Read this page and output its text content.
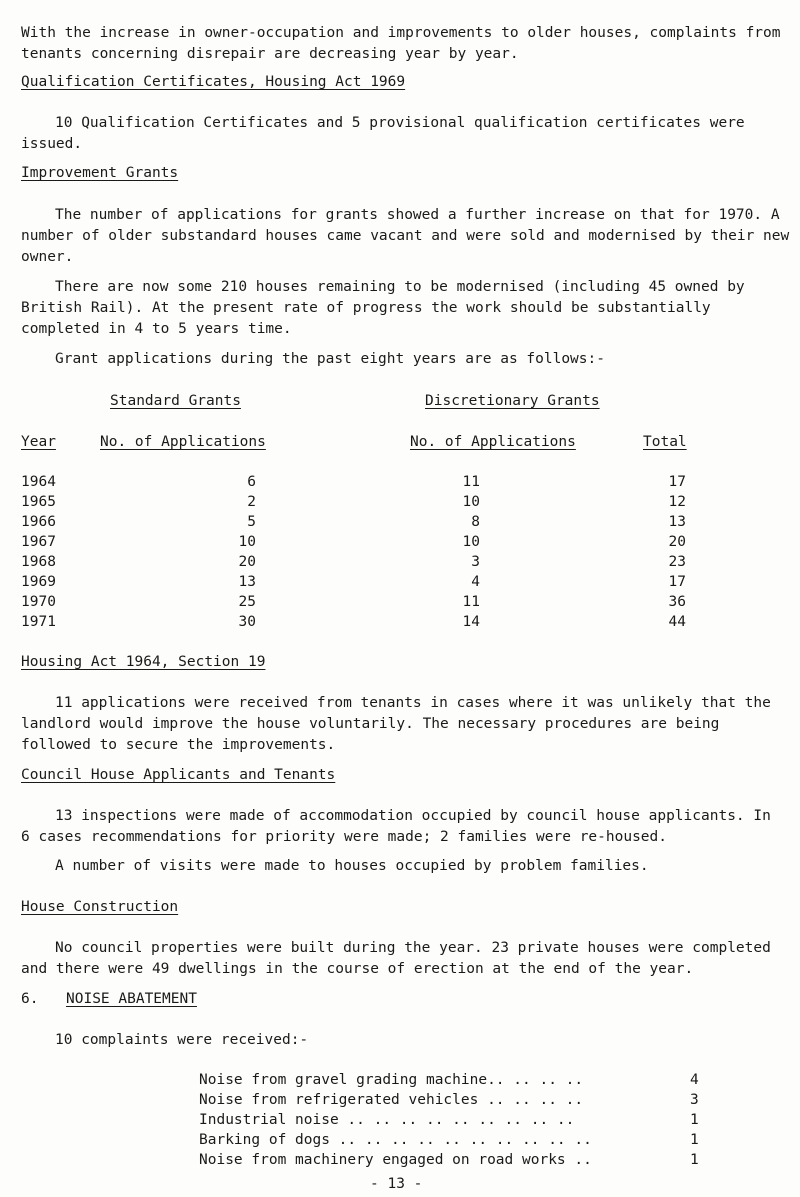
With the increase in owner-occupation and improvements to older houses, complaints from tenants concerning disrepair are decreasing year by year.
Qualification Certificates, Housing Act 1969
10 Qualification Certificates and 5 provisional qualification certificates were issued.
Improvement Grants
The number of applications for grants showed a further increase on that for 1970. A number of older substandard houses came vacant and were sold and modernised by their new owner.
There are now some 210 houses remaining to be modernised (including 45 owned by British Rail). At the present rate of progress the work should be substantially completed in 4 to 5 years time.
Grant applications during the past eight years are as follows:-
Standard Grants	Discretionary Grants
Year	No. of Applications	No. of Applications	Total
1964	6	11	17
1965	2	10	12
1966	5	8	13
1967	10	10	20
1968	20	3	23
1969	13	4	17
1970	25	11	36
1971	30	14	44
Housing Act 1964, Section 19
11 applications were received from tenants in cases where it was unlikely that the landlord would improve the house voluntarily. The necessary procedures are being followed to secure the improvements.
Council House Applicants and Tenants
13 inspections were made of accommodation occupied by council house applicants. In 6 cases recommendations for priority were made; 2 families were re-housed.
A number of visits were made to houses occupied by problem families.
House Construction
No council properties were built during the year. 23 private houses were completed and there were 49 dwellings in the course of erection at the end of the year.
6. NOISE ABATEMENT
10 complaints were received:-
Noise from gravel grading machine.. .. .. ..	4
Noise from refrigerated vehicles .. .. .. ..	3
Industrial noise .. .. .. .. .. .. .. .. ..	1
Barking of dogs .. .. .. .. .. .. .. .. .. ..	1
Noise from machinery engaged on road works ..	1
- 13 -
